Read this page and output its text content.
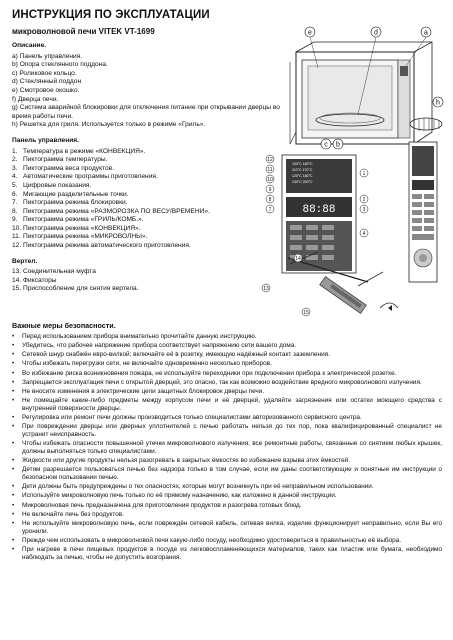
ИНСТРУКЦИЯ ПО ЭКСПЛУАТАЦИИ
микроволновой печи VITEK VT-1699
Описание.
a) Панель управления.
b) Опора стеклянного поддона.
c) Роликовое кольцо.
d) Стеклянный поддон
e) Смотровое окошко.
f) Дверца печи.
g) Система аварийной блокировки для отключения питание при открывании дверцы во время работы печи.
h) Решетка для гриля. Используется только в режиме «Гриль».
Панель управления.
1. Температура в режиме «КОНВЕКЦИЯ».
2. Пиктограмма температуры.
3. Пиктограмма веса продуктов.
4. Автоматические программы приготовления.
5. Цифровые показания.
6. Мигающие разделительные точки.
7. Пиктограмма режима блокировки.
8. Пиктограмма режима «РАЗМОРОЗКА ПО ВЕСУ/ВРЕМЕНИ».
9. Пиктограмма режима «ГРИЛЬ/КОМБ.».
10. Пиктограмма режима «КОНВЕКЦИЯ».
11. Пиктограмма режима «МИКРОВОЛНЫ».
12. Пиктограмма режима автоматического приготовления.
Вертел.
13. Соединительная муфта
14. Фиксаторы
15. Приспособление для снятия вертела.
Важные меры безопасности.
•	Перед использованием прибора внимательно прочитайте данную инструкцию.
•	Убедитесь, что рабочее напряжение прибора соответствует напряжению сети вашего дома.
•	Сетевой шнур снабжён евро-вилкой; включайте её в розетку, имеющую надёжный контакт заземления.
•	Чтобы избежать перегрузки сети, не включайте одновременно несколько приборов.
•	Во избежание риска возникновения пожара, не используйте переходники при подключении прибора к электрической розетке.
•	Запрещается эксплуатация печи с открытой дверцей, это опасно, так как возможно воздействие вредного микроволнового излучения.
•	Не вносите изменения в электрические цепи защитных блокировок дверцы печи.
•	Не помещайте какие-либо предметы между корпусом печи и её дверцей, удаляйте загрязнения или остатки моющего средства с внутренней поверхности дверцы.
•	Регулировка или ремонт печи должны производиться только специалистами авторизованного сервисного центра.
•	При повреждении дверцы или дверных уплотнителей с печью работать нельзя до тех пор, пока квалифицированный специалист не устранит неисправность.
•	Чтобы избежать опасности повышенной утечки микроволнового излучения, все ремонтные работы, связанные со снятием любых крышек, должны выполняться только специалистами.
•	Жидкости или другие продукты нельзя разогревать в закрытых ёмкостях во избежание взрыва этих ёмкостей.
•	Детям разрешается пользоваться печью без надзора только в том случае, если им даны соответствующие и понятные им инструкции о безопасном пользовании печью.
•	Дети должны быть предупреждены о тех опасностях, которые могут возникнуть при её неправильном использовании.
•	Используйте микроволновую печь только по её прямому назначению, как изложено в данной инструкции.
•	Микроволновая печь предназначена для приготовления продуктов и разогрева готовых блюд.
•	Не включайте печь без продуктов.
•	Не используйте микроволновую печь, если повреждён сетевой кабель, сетевая вилка, изделие функционирует неправильно, если Вы его уронили.
•	Прежде чем использовать в микроволновой печи какую-либо посуду, необходимо удостовериться в правильностью её выбора.
•	При нагреве в печи пищевых продуктов в посуде из легковоспламеняющихся материалов, таких как пластик или бумага, необходимо наблюдать за печью, чтобы не допустить возгорания.
e	d	a
c b
h
100°C 160°C
110°C 170°C
120°C 180°C
130°C 200°C
88:88
12
11
10
9
8
7
1
2
3
4
13
14
15
